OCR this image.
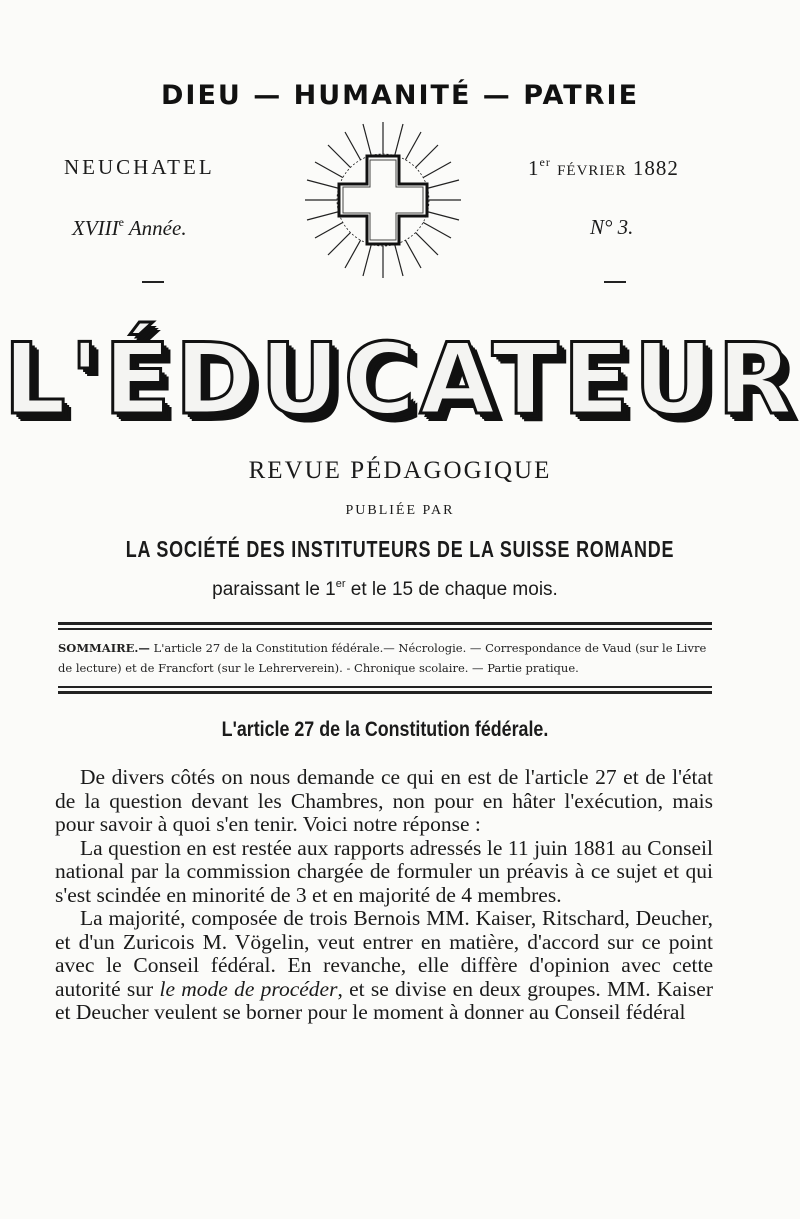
DIEU — HUMANITÉ — PATRIE
NEUCHATEL	1er FÉVRIER 1882
XVIIIe Année.	N° 3.
L'ÉDUCATEUR
REVUE PÉDAGOGIQUE
PUBLIÉE PAR
LA SOCIÉTÉ DES INSTITUTEURS DE LA SUISSE ROMANDE
paraissant le 1er et le 15 de chaque mois.
SOMMAIRE.— L'article 27 de la Constitution fédérale.— Nécrologie. — Correspondance de Vaud (sur le Livre de lecture) et de Francfort (sur le Lehrerverein). - Chronique scolaire. — Partie pratique.
L'article 27 de la Constitution fédérale.

De divers côtés on nous demande ce qui en est de l'article 27 et de l'état de la question devant les Chambres, non pour en hâter l'exécution, mais pour savoir à quoi s'en tenir. Voici notre réponse :

La question en est restée aux rapports adressés le 11 juin 1881 au Conseil national par la commission chargée de formuler un préavis à ce sujet et qui s'est scindée en minorité de 3 et en majorité de 4 membres.

La majorité, composée de trois Bernois MM. Kaiser, Ritschard, Deucher, et d'un Zuricois M. Vögelin, veut entrer en matière, d'accord sur ce point avec le Conseil fédéral. En revanche, elle diffère d'opinion avec cette autorité sur le mode de procéder, et se divise en deux groupes. MM. Kaiser et Deucher veulent se borner pour le moment à donner au Conseil fédéral
